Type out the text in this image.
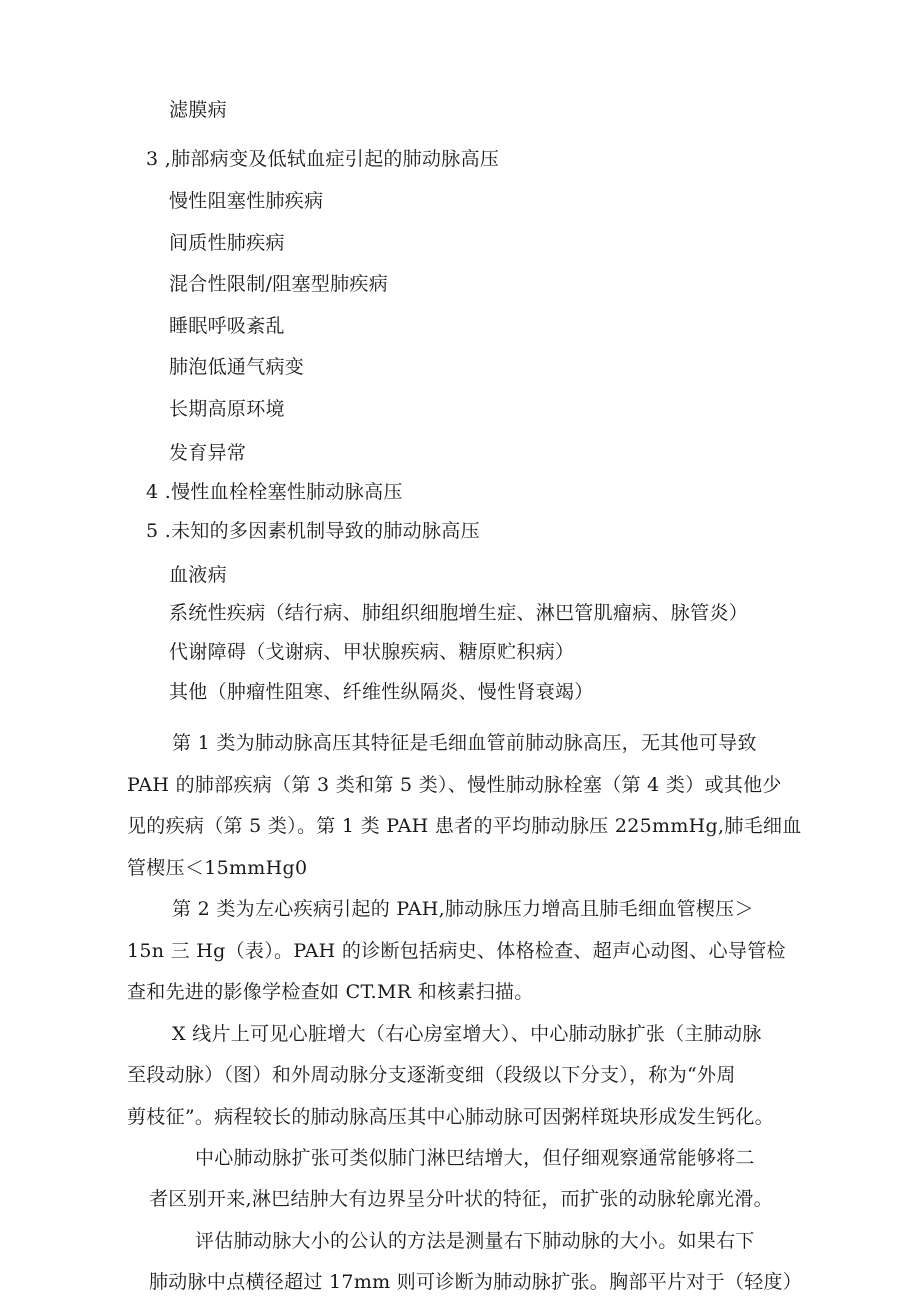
滤膜病
3 ,肺部病变及低轼血症引起的肺动脉高压
慢性阻塞性肺疾病
间质性肺疾病
混合性限制/阻塞型肺疾病
睡眠呼吸紊乱
肺泡低通气病变
长期高原环境
发育异常
4 .慢性血栓栓塞性肺动脉高压
5 .未知的多因素机制导致的肺动脉高压
血液病
系统性疾病（结行病、肺组织细胞增生症、淋巴管肌瘤病、脉管炎）
代谢障碍（戈谢病、甲状腺疾病、糖原贮积病）
其他（肿瘤性阻寒、纤维性纵隔炎、慢性肾衰竭）
第 1 类为肺动脉高压其特征是毛细血管前肺动脉高压，无其他可导致
PAH 的肺部疾病（第 3 类和第 5 类）、慢性肺动脉栓塞（第 4 类）或其他少
见的疾病（第 5 类）。第 1 类 PAH 患者的平均肺动脉压 225mmHg,肺毛细血
管楔压＜15mmHg0
第 2 类为左心疾病引起的 PAH,肺动脉压力增高且肺毛细血管楔压＞
15n 三 Hg（表）。PAH 的诊断包括病史、体格检查、超声心动图、心导管检
查和先进的影像学检查如 CT.MR 和核素扫描。
X 线片上可见心脏增大（右心房室增大）、中心肺动脉扩张（主肺动脉
至段动脉）（图）和外周动脉分支逐渐变细（段级以下分支），称为“外周
剪枝征”。病程较长的肺动脉高压其中心肺动脉可因粥样斑块形成发生钙化。
中心肺动脉扩张可类似肺门淋巴结增大，但仔细观察通常能够将二
者区别开来,淋巴结肿大有边界呈分叶状的特征，而扩张的动脉轮廓光滑。
评估肺动脉大小的公认的方法是测量右下肺动脉的大小。如果右下
肺动脉中点横径超过 17mm 则可诊断为肺动脉扩张。胸部平片对于（轻度）
